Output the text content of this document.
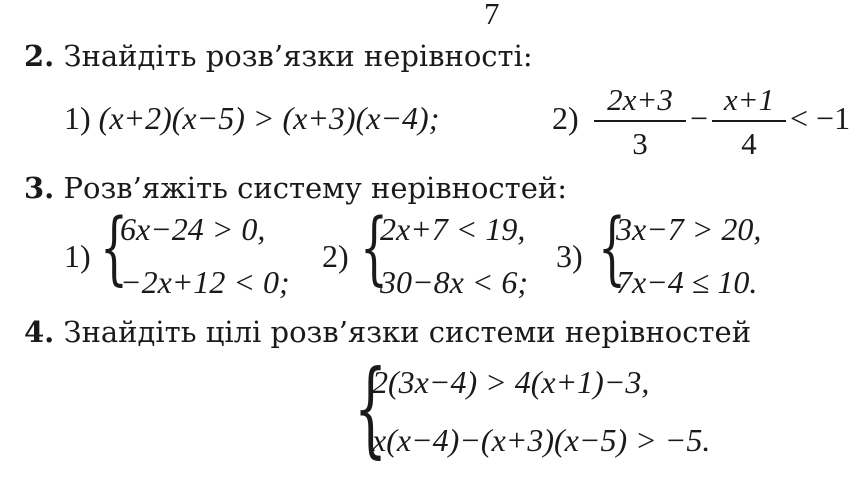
7
2. Знайдіть розв’язки нерівності:
1) (x+2)(x−5) > (x+3)(x−4);	2)
2x+3
3
−
x+1
4
< −1
3. Розв’яжіть систему нерівностей:
1) {
6x−24 > 0,
−2x+12 < 0;
2) {
2x+7 < 19,
30−8x < 6;
3) {
3x−7 > 20,
7x−4 ≤ 10.
4. Знайдіть цілі розв’язки системи нерівностей
{
2(3x−4) > 4(x+1)−3,
x(x−4)−(x+3)(x−5) > −5.
